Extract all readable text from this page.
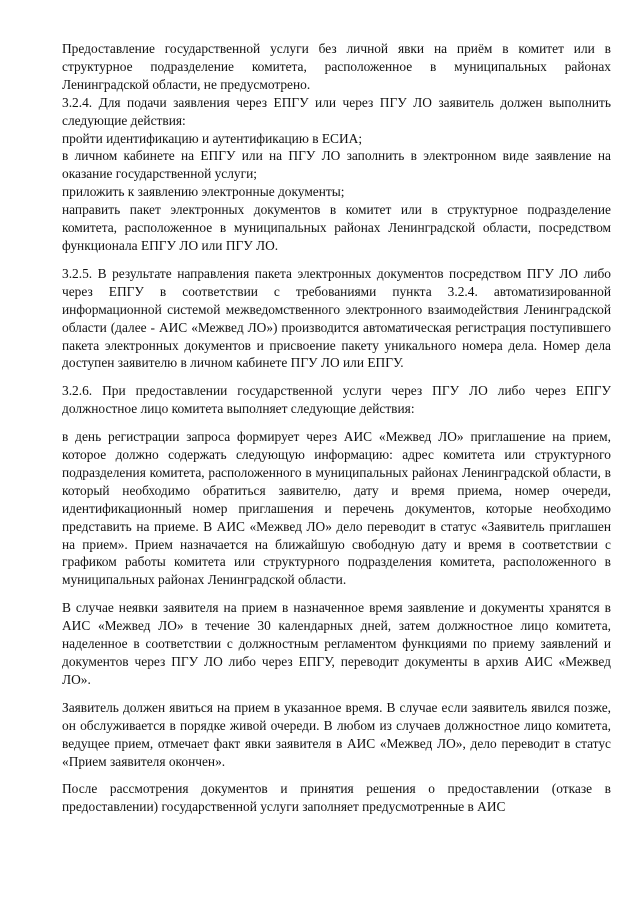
Предоставление государственной услуги без личной явки на приём в комитет или в структурное подразделение комитета, расположенное в муниципальных районах Ленинградской области, не предусмотрено.

3.2.4. Для подачи заявления через ЕПГУ или через ПГУ ЛО заявитель должен выполнить следующие действия:

пройти идентификацию и аутентификацию в ЕСИА;

в личном кабинете на ЕПГУ или на ПГУ ЛО заполнить в электронном виде заявление на оказание государственной услуги;

приложить к заявлению электронные документы;

направить пакет электронных документов в комитет или в структурное подразделение комитета, расположенное в муниципальных районах Ленинградской области, посредством функционала ЕПГУ ЛО или ПГУ ЛО.

3.2.5. В результате направления пакета электронных документов посредством ПГУ ЛО либо через ЕПГУ в соответствии с требованиями пункта 3.2.4. автоматизированной информационной системой межведомственного электронного взаимодействия Ленинградской области (далее - АИС «Межвед ЛО») производится автоматическая регистрация поступившего пакета электронных документов и присвоение пакету уникального номера дела. Номер дела доступен заявителю в личном кабинете ПГУ ЛО или ЕПГУ.

3.2.6. При предоставлении государственной услуги через ПГУ ЛО либо через ЕПГУ должностное лицо комитета выполняет следующие действия:

в день регистрации запроса формирует через АИС «Межвед ЛО» приглашение на прием, которое должно содержать следующую информацию: адрес комитета или структурного подразделения комитета, расположенного в муниципальных районах Ленинградской области, в который необходимо обратиться заявителю, дату и время приема, номер очереди, идентификационный номер приглашения и перечень документов, которые необходимо представить на приеме. В АИС «Межвед ЛО» дело переводит в статус «Заявитель приглашен на прием». Прием назначается на ближайшую свободную дату и время в соответствии с графиком работы комитета или структурного подразделения комитета, расположенного в муниципальных районах Ленинградской области.

В случае неявки заявителя на прием в назначенное время заявление и документы хранятся в АИС «Межвед ЛО» в течение 30 календарных дней, затем должностное лицо комитета, наделенное в соответствии с должностным регламентом функциями по приему заявлений и документов через ПГУ ЛО либо через ЕПГУ, переводит документы в архив АИС «Межвед ЛО».

Заявитель должен явиться на прием в указанное время. В случае если заявитель явился позже, он обслуживается в порядке живой очереди. В любом из случаев должностное лицо комитета, ведущее прием, отмечает факт явки заявителя в АИС «Межвед ЛО», дело переводит в статус «Прием заявителя окончен».

После рассмотрения документов и принятия решения о предоставлении (отказе в предоставлении) государственной услуги заполняет предусмотренные в АИС
